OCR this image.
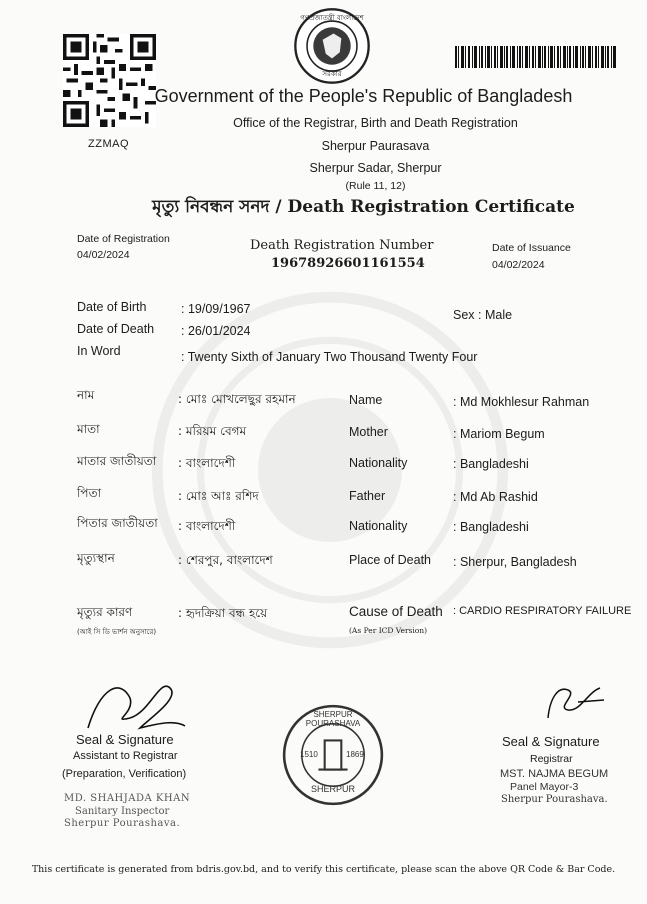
ZZMAQ
গণপ্রজাতন্ত্রী বাংলাদেশ
সরকার
Government of the People's Republic of Bangladesh
Office of the Registrar, Birth and Death Registration
Sherpur Paurasava
Sherpur Sadar, Sherpur
(Rule 11, 12)
মৃত্যু নিবন্ধন সনদ / Death Registration Certificate
Date of Registration
04/02/2024
Death Registration Number
19678926601161554
Date of Issuance
04/02/2024
Date of Birth	: 19/09/1967	Sex : Male
Date of Death : 26/01/2024
In Word	: Twenty Sixth of January Two Thousand Twenty Four
নাম	: মোঃ মোখলেছুর রহমান	Name	: Md Mokhlesur Rahman
মাতা	: মরিয়ম বেগম	Mother	: Mariom Begum
মাতার জাতীয়তা : বাংলাদেশী	Nationality	: Bangladeshi
পিতা	: মোঃ আঃ রশিদ	Father	: Md Ab Rashid
পিতার জাতীয়তা : বাংলাদেশী	Nationality	: Bangladeshi
মৃত্যুস্থান	: শেরপুর, বাংলাদেশ	Place of Death : Sherpur, Bangladesh
মৃত্যুর কারণ
(আই সি ডি ভার্শন অনুসারে)
: হৃদক্রিয়া বন্ধ হয়ে	Cause of Death
(As Per ICD Version)
: CARDIO RESPIRATORY FAILURE
Seal & Signature
Assistant to Registrar
(Preparation, Verification)
MD. SHAHJADA KHAN
Sanitary Inspector
Sherpur Pourashava.
SHERPUR POURASHAVA
1510	1869
SHERPUR
Seal & Signature
Registrar
MST. NAJMA BEGUM
Panel Mayor-3
Sherpur Pourashava.
This certificate is generated from bdris.gov.bd, and to verify this certificate, please scan the above QR Code & Bar Code.
